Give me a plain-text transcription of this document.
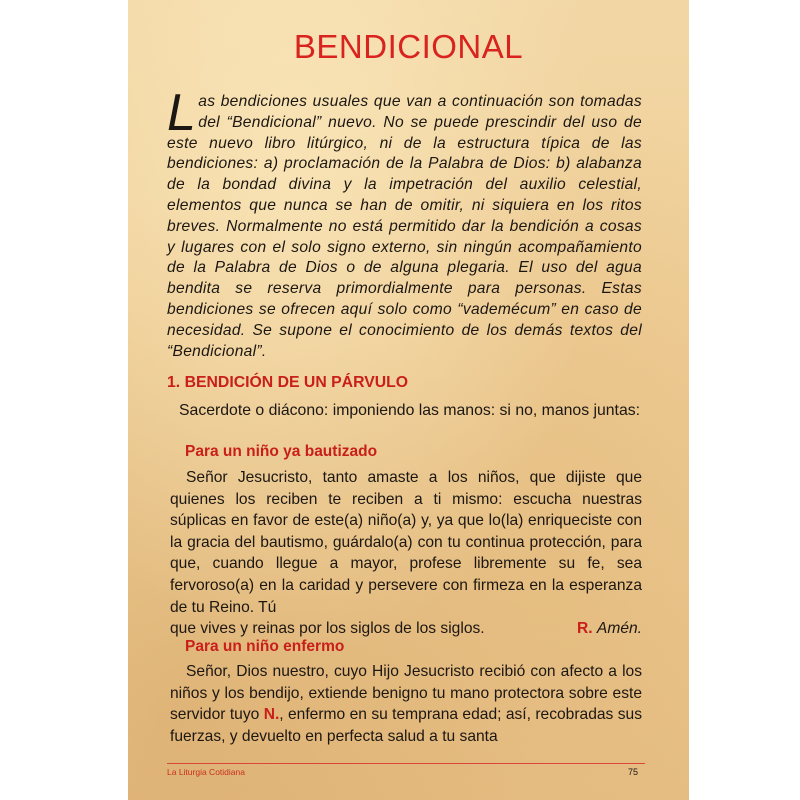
BENDICIONAL
Las bendiciones usuales que van a continuación son tomadas del “Bendicional” nuevo. No se puede prescindir del uso de este nuevo libro litúrgico, ni de la estructura típica de las bendiciones: a) proclamación de la Palabra de Dios: b) alabanza de la bondad divina y la impetración del auxilio celestial, elementos que nunca se han de omitir, ni siquiera en los ritos breves. Normalmente no está permitido dar la bendición a cosas y lugares con el solo signo externo, sin ningún acompañamiento de la Palabra de Dios o de alguna plegaria. El uso del agua bendita se reserva primordialmente para personas. Estas bendiciones se ofrecen aquí solo como “vademécum” en caso de necesidad. Se supone el conocimiento de los demás textos del “Bendicional”.
1. BENDICIÓN DE UN PÁRVULO
Sacerdote o diácono: imponiendo las manos: si no, manos juntas:
Para un niño ya bautizado
Señor Jesucristo, tanto amaste a los niños, que dijiste que quienes los reciben te reciben a ti mismo: escucha nuestras súplicas en favor de este(a) niño(a) y, ya que lo(la) enriqueciste con la gracia del bautismo, guárdalo(a) con tu continua protección, para que, cuando llegue a mayor, profese libremente su fe, sea fervoroso(a) en la caridad y persevere con firmeza en la esperanza de tu Reino. Tú
que vives y reinas por los siglos de los siglos.	R. Amén.
Para un niño enfermo
Señor, Dios nuestro, cuyo Hijo Jesucristo recibió con afecto a los niños y los bendijo, extiende benigno tu mano protectora sobre este servidor tuyo N., enfermo en su temprana edad; así, recobradas sus fuerzas, y devuelto en perfecta salud a tu santa
La Liturgia Cotidiana	75
